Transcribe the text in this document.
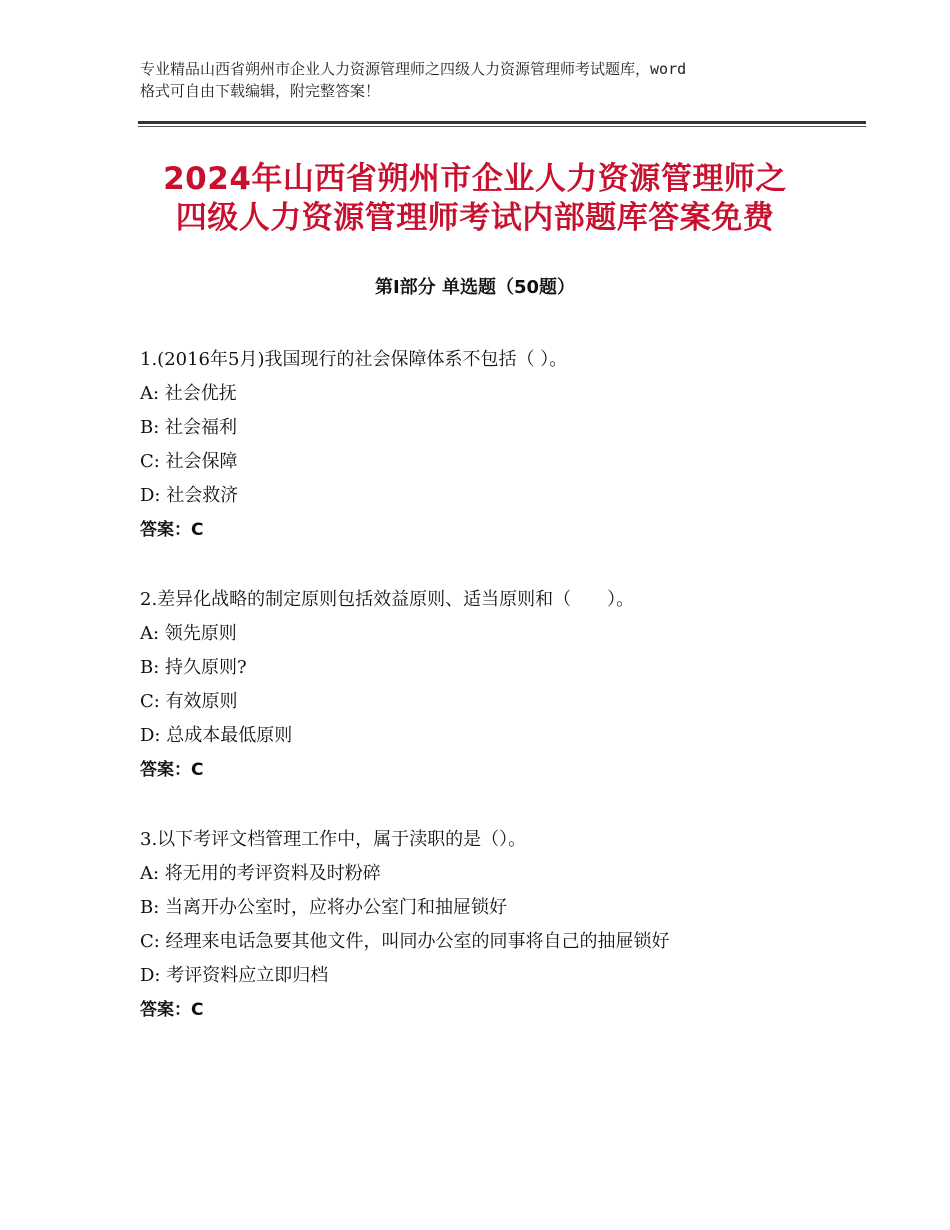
专业精品山西省朔州市企业人力资源管理师之四级人力资源管理师考试题库，word
格式可自由下载编辑，附完整答案！
2024年山西省朔州市企业人力资源管理师之
四级人力资源管理师考试内部题库答案免费
第Ⅰ部分 单选题（50题）
1.(2016年5月)我国现行的社会保障体系不包括（ ）。
A: 社会优抚
B: 社会福利
C: 社会保障
D: 社会救济
答案：C
2.差异化战略的制定原则包括效益原则、适当原则和（　　）。
A: 领先原则
B: 持久原则?
C: 有效原则
D: 总成本最低原则
答案：C
3.以下考评文档管理工作中，属于渎职的是（）。
A: 将无用的考评资料及时粉碎
B: 当离开办公室时，应将办公室门和抽屉锁好
C: 经理来电话急要其他文件，叫同办公室的同事将自己的抽屉锁好
D: 考评资料应立即归档
答案：C
